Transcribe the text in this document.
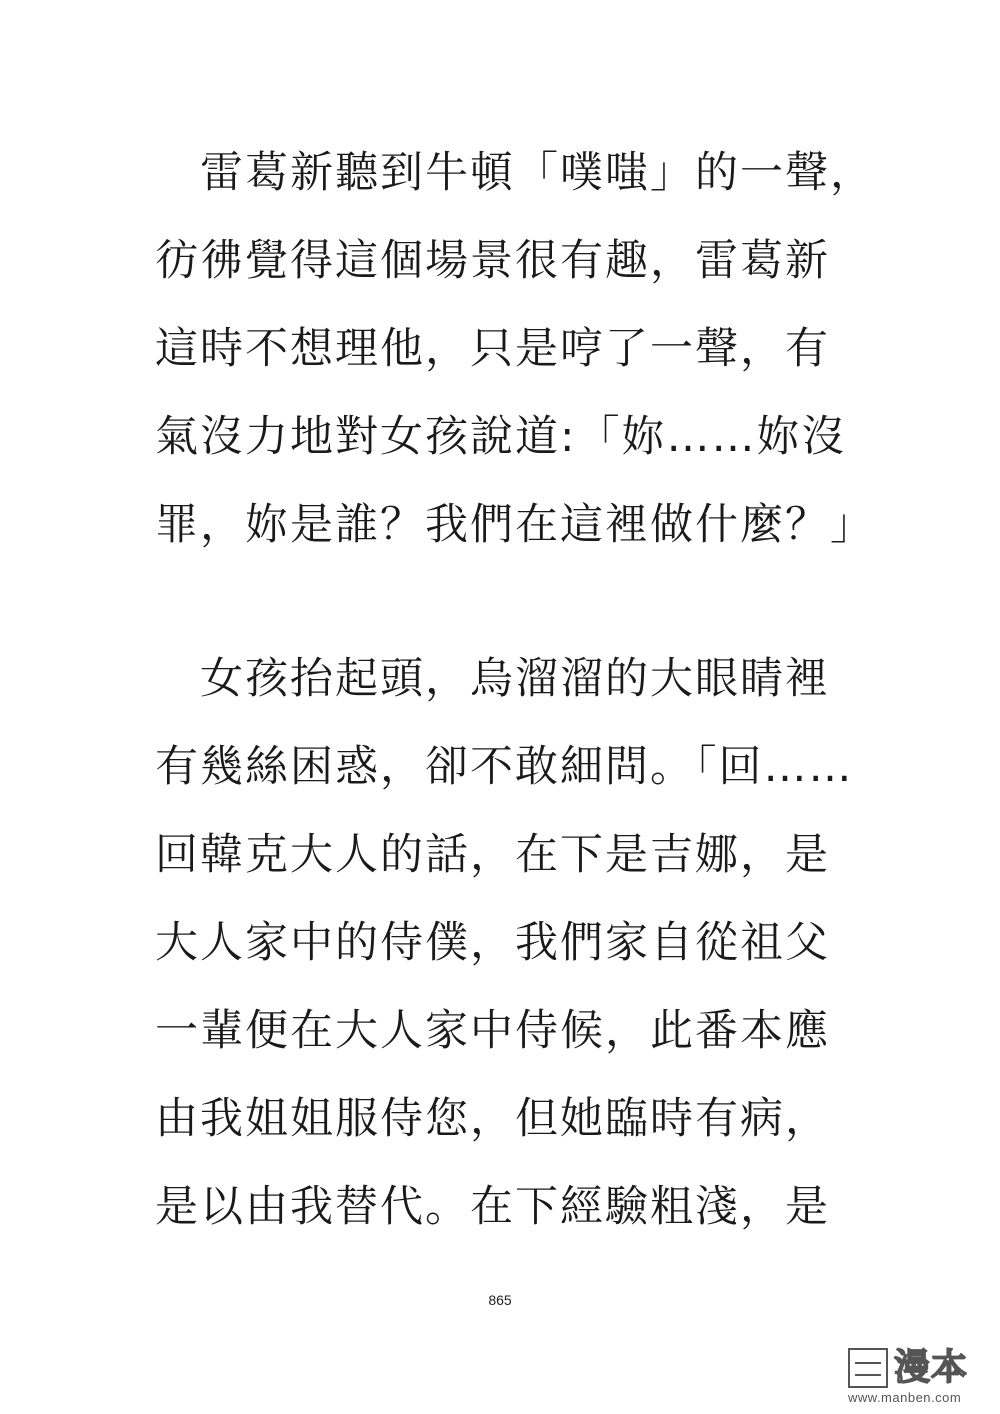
　雷葛新聽到牛頓「噗嗤」的一聲，
彷彿覺得這個場景很有趣，雷葛新
這時不想理他，只是哼了一聲，有
氣沒力地對女孩說道:「妳……妳沒
罪，妳是誰？我們在這裡做什麼？」
　女孩抬起頭，烏溜溜的大眼睛裡
有幾絲困惑，卻不敢細問。「回……
回韓克大人的話，在下是吉娜，是
大人家中的侍僕，我們家自從祖父
一輩便在大人家中侍候，此番本應
由我姐姐服侍您，但她臨時有病，
是以由我替代。在下經驗粗淺，是
865
漫本
www.manben.com
